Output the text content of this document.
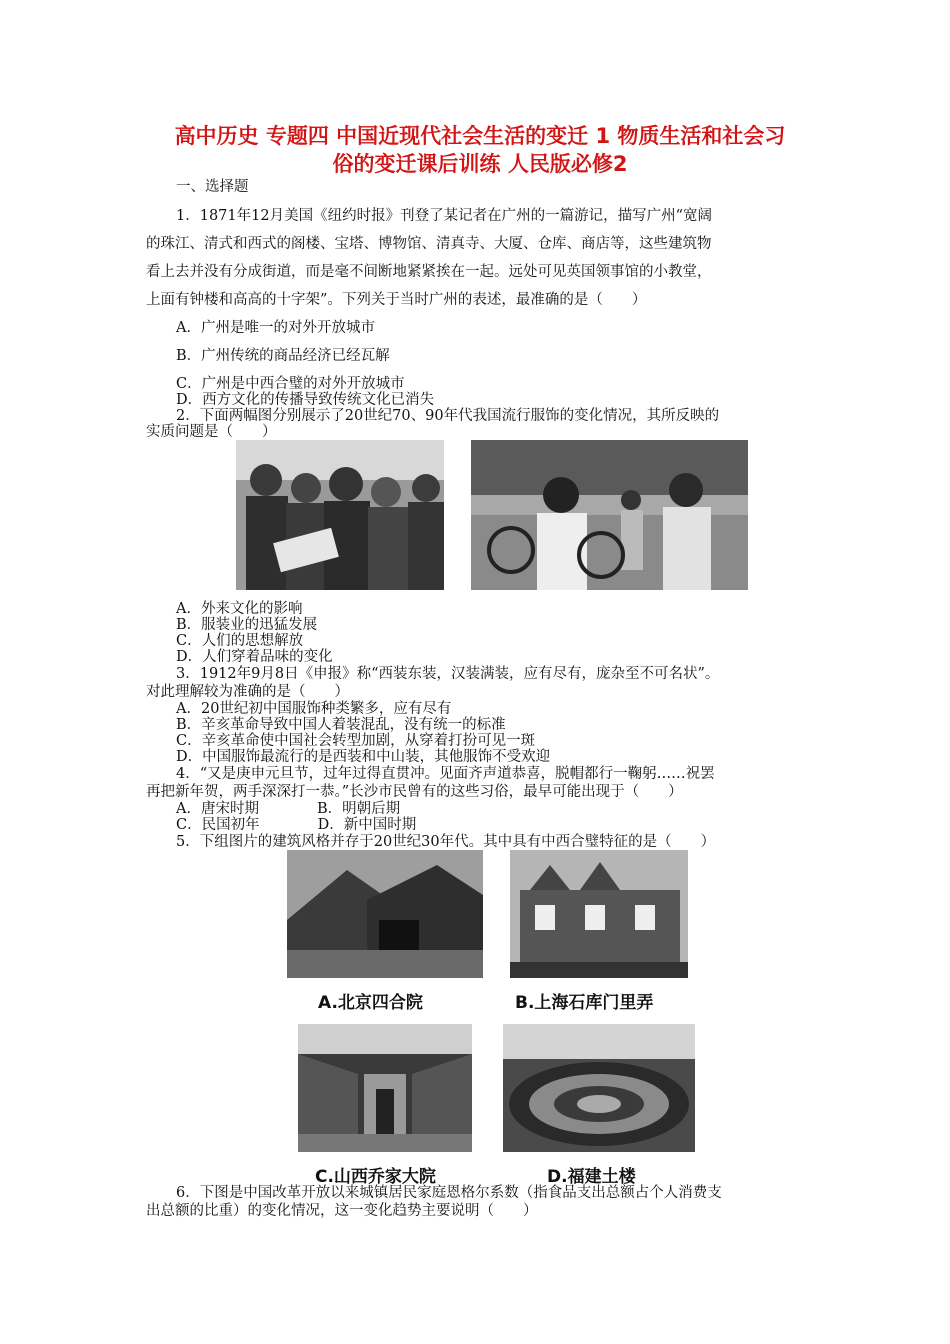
高中历史 专题四 中国近现代社会生活的变迁 1 物质生活和社会习
俗的变迁课后训练 人民版必修2
一、选择题
1．1871年12月美国《纽约时报》刊登了某记者在广州的一篇游记，描写广州“宽阔
的珠江、清式和西式的阁楼、宝塔、博物馆、清真寺、大厦、仓库、商店等，这些建筑物
看上去并没有分成街道，而是毫不间断地紧紧挨在一起。远处可见英国领事馆的小教堂，
上面有钟楼和高高的十字架”。下列关于当时广州的表述，最准确的是（　　）
A．广州是唯一的对外开放城市
B．广州传统的商品经济已经瓦解
C．广州是中西合璧的对外开放城市
D．西方文化的传播导致传统文化已消失
2．下面两幅图分别展示了20世纪70、90年代我国流行服饰的变化情况，其所反映的
实质问题是（　　）
A．外来文化的影响
B．服装业的迅猛发展
C．人们的思想解放
D．人们穿着品味的变化
3．1912年9月8日《申报》称“西装东装，汉装满装，应有尽有，庞杂至不可名状”。
对此理解较为准确的是（　　）
A．20世纪初中国服饰种类繁多，应有尽有
B．辛亥革命导致中国人着装混乱，没有统一的标准
C．辛亥革命使中国社会转型加剧，从穿着打扮可见一斑
D．中国服饰最流行的是西装和中山装，其他服饰不受欢迎
4．“又是庚申元旦节，过年过得直贯冲。见面齐声道恭喜，脱帽都行一鞠躬……祝罢
再把新年贺，两手深深打一恭。”长沙市民曾有的这些习俗，最早可能出现于（　　）
A．唐宋时期　　　　B．明朝后期
C．民国初年　　　　D．新中国时期
5．下组图片的建筑风格并存于20世纪30年代。其中具有中西合璧特征的是（　　）
A.北京四合院	B.上海石库门里弄
C.山西乔家大院	D.福建土楼
6．下图是中国改革开放以来城镇居民家庭恩格尔系数（指食品支出总额占个人消费支
出总额的比重）的变化情况，这一变化趋势主要说明（　　）
